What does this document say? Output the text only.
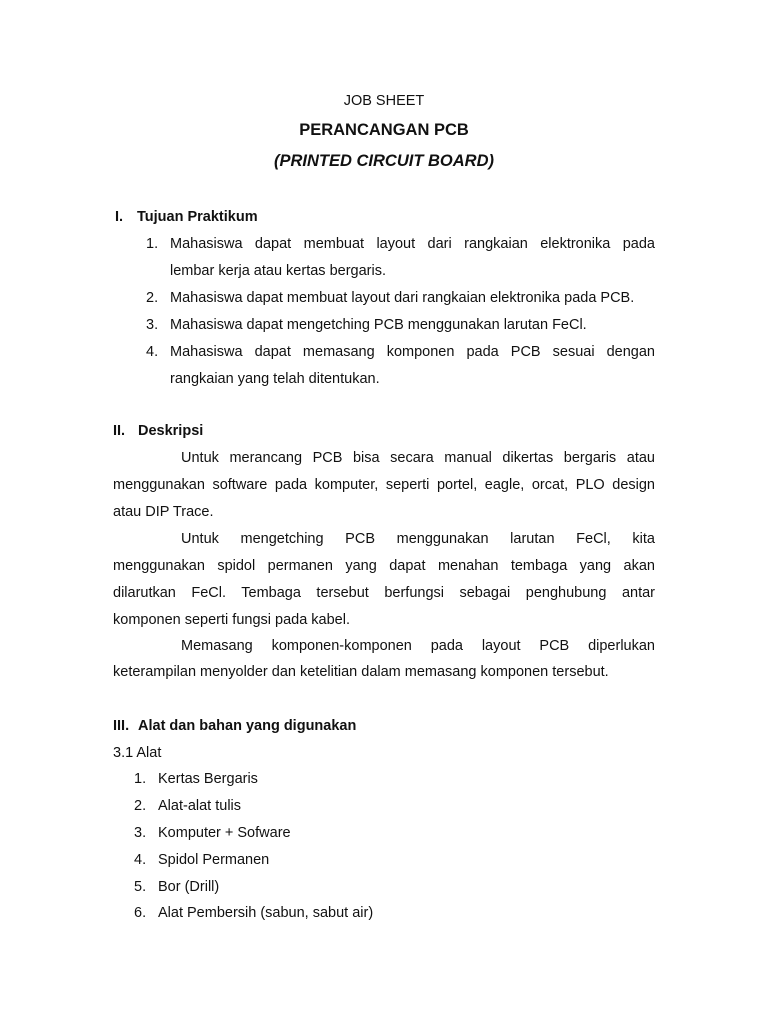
JOB SHEET
PERANCANGAN PCB
(PRINTED CIRCUIT BOARD)
I. Tujuan Praktikum
1. Mahasiswa dapat membuat layout dari rangkaian elektronika pada
lembar kerja atau kertas bergaris.
2. Mahasiswa dapat membuat layout dari rangkaian elektronika pada PCB.
3. Mahasiswa dapat mengetching PCB menggunakan larutan FeCl.
4. Mahasiswa dapat memasang komponen pada PCB sesuai dengan
rangkaian yang telah ditentukan.
II. Deskripsi
Untuk merancang PCB bisa secara manual dikertas bergaris atau
menggunakan software pada komputer, seperti portel, eagle, orcat, PLO design
atau DIP Trace.
Untuk mengetching PCB menggunakan larutan FeCl, kita
menggunakan spidol permanen yang dapat menahan tembaga yang akan
dilarutkan FeCl. Tembaga tersebut berfungsi sebagai penghubung antar
komponen seperti fungsi pada kabel.
Memasang komponen-komponen pada layout PCB diperlukan
keterampilan menyolder dan ketelitian dalam memasang komponen tersebut.
III. Alat dan bahan yang digunakan
3.1 Alat
1. Kertas Bergaris
2. Alat-alat tulis
3. Komputer + Sofware
4. Spidol Permanen
5. Bor (Drill)
6. Alat Pembersih (sabun, sabut air)
